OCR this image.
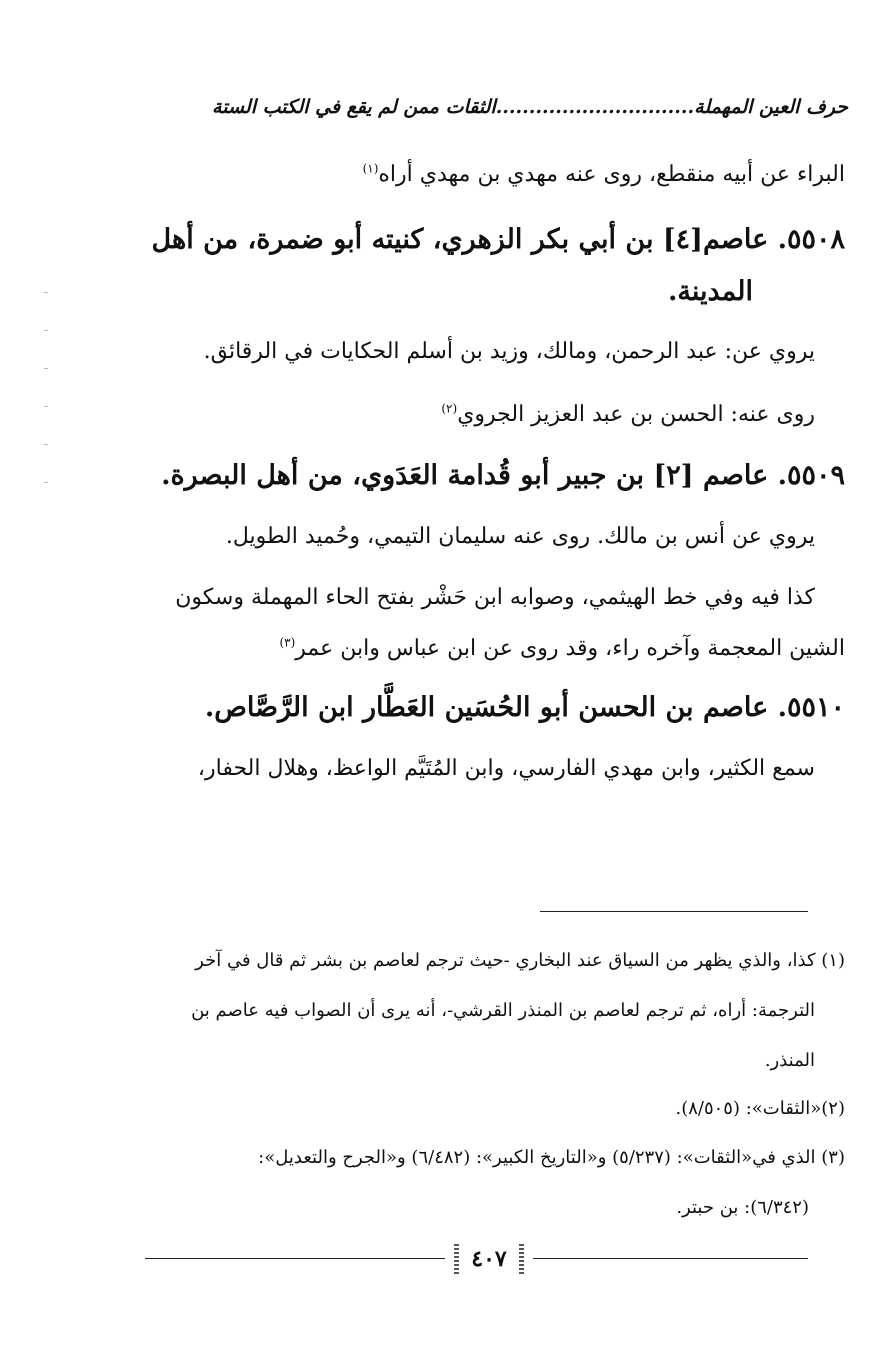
حرف العين المهملة..............................الثقات ممن لم يقع في الكتب الستة
البراء عن أبيه منقطع، روى عنه مهدي بن مهدي أراه$^{(١)}$
٥٥٠٨. عاصم[٤] بن أبي بكر الزهري، كنيته أبو ضمرة، من أهل
المدينة.
يروي عن: عبد الرحمن، ومالك، وزيد بن أسلم الحكايات في الرقائق.
روى عنه: الحسن بن عبد العزيز الجروي$^{(٢)}$
٥٥٠٩. عاصم [٢] بن جبير أبو قُدامة العَدَوي، من أهل البصرة.
يروي عن أنس بن مالك. روى عنه سليمان التيمي، وحُميد الطويل.
كذا فيه وفي خط الهيثمي، وصوابه ابن حَشْر بفتح الحاء المهملة وسكون
الشين المعجمة وآخره راء، وقد روى عن ابن عباس وابن عمر$^{(٣)}$
٥٥١٠. عاصم بن الحسن أبو الحُسَين العَطَّار ابن الرَّصَّاص.
سمع الكثير، وابن مهدي الفارسي، وابن المُتَيَّم الواعظ، وهلال الحفار،
(١) كذا، والذي يظهر من السياق عند البخاري -حيث ترجم لعاصم بن بشر ثم قال في آخر
الترجمة: أراه، ثم ترجم لعاصم بن المنذر القرشي-، أنه يرى أن الصواب فيه عاصم بن
المنذر.
(٢)«الثقات»: (٨/٥٠٥).
(٣) الذي في«الثقات»: (٥/٢٣٧) و«التاريخ الكبير»: (٦/٤٨٢) و«الجرح والتعديل»:
(٦/٣٤٢): بن حبتر.
٤٠٧
